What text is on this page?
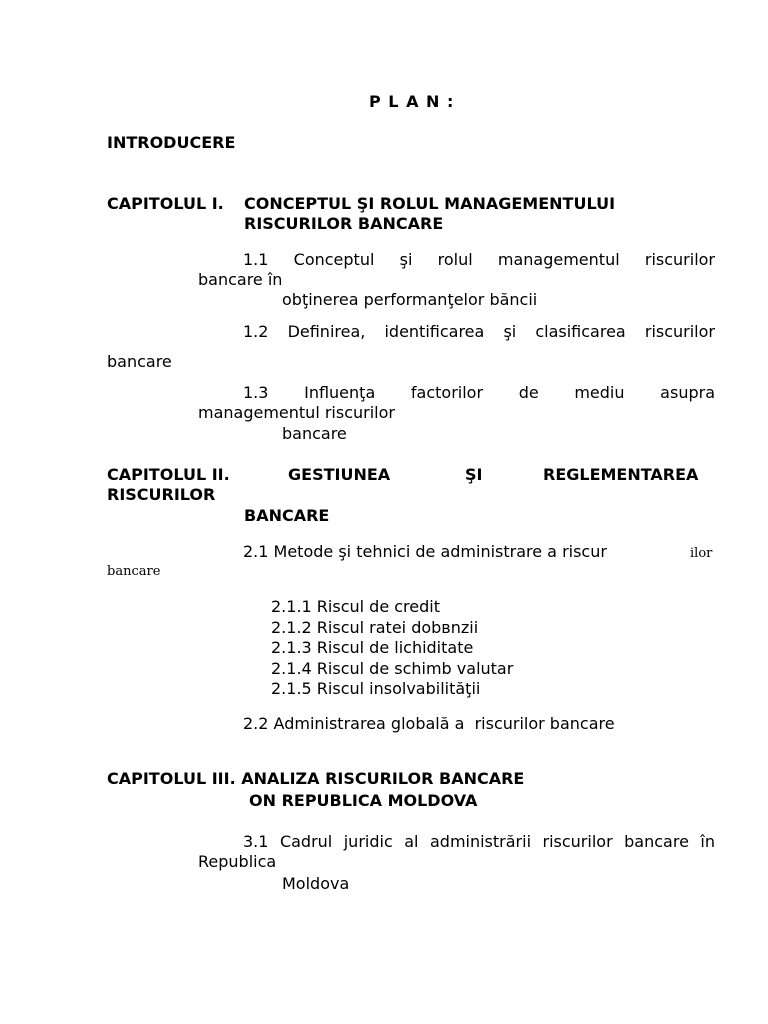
P L A N :
INTRODUCERE
CAPITOLUL I. CONCEPTUL ŞI ROLUL MANAGEMENTULUI
RISCURILOR BANCARE
1.1 Conceptul şi rolul managementul riscurilor
bancare în
obţinerea performanţelor băncii
1.2 Definirea, identificarea şi clasificarea riscurilor
bancare
1.3 Influenţa factorilor de mediu asupra
managementul riscurilor
bancare
CAPITOLUL II.	GESTIUNEA	ŞI	REGLEMENTAREA
RISCURILOR
BANCARE
2.1 Metode şi tehnici de administrare a riscur	ilor
bancare
2.1.1 Riscul de credit
2.1.2 Riscul ratei dobвnzii
2.1.3 Riscul de lichiditate
2.1.4 Riscul de schimb valutar
2.1.5 Riscul insolvabilităţii
2.2 Administrarea globală a  riscurilor bancare
CAPITOLUL III. ANALIZA RISCURILOR BANCARE
ON REPUBLICA MOLDOVA
3.1 Cadrul juridic al administrării riscurilor bancare în
Republica
Moldova
